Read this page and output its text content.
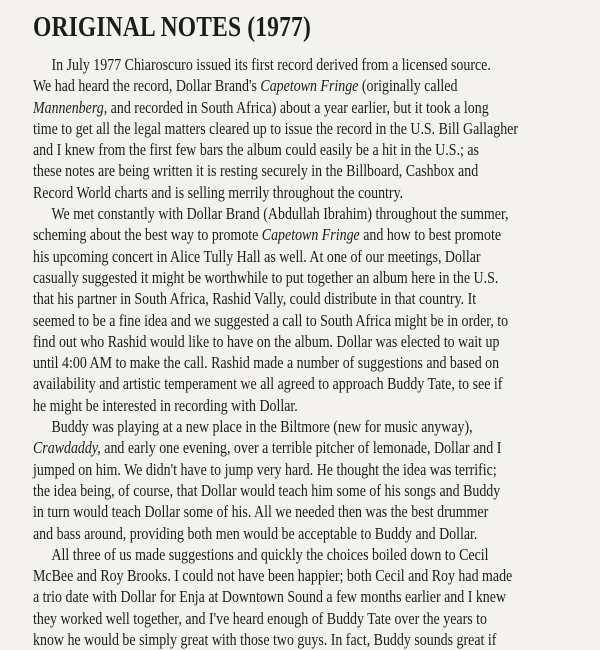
ORIGINAL NOTES (1977)
In July 1977 Chiaroscuro issued its first record derived from a licensed source.
We had heard the record, Dollar Brand's Capetown Fringe (originally called
Mannenberg, and recorded in South Africa) about a year earlier, but it took a long
time to get all the legal matters cleared up to issue the record in the U.S. Bill Gallagher
and I knew from the first few bars the album could easily be a hit in the U.S.; as
these notes are being written it is resting securely in the Billboard, Cashbox and
Record World charts and is selling merrily throughout the country.
We met constantly with Dollar Brand (Abdullah Ibrahim) throughout the summer,
scheming about the best way to promote Capetown Fringe and how to best promote
his upcoming concert in Alice Tully Hall as well. At one of our meetings, Dollar
casually suggested it might be worthwhile to put together an album here in the U.S.
that his partner in South Africa, Rashid Vally, could distribute in that country. It
seemed to be a fine idea and we suggested a call to South Africa might be in order, to
find out who Rashid would like to have on the album. Dollar was elected to wait up
until 4:00 AM to make the call. Rashid made a number of suggestions and based on
availability and artistic temperament we all agreed to approach Buddy Tate, to see if
he might be interested in recording with Dollar.
Buddy was playing at a new place in the Biltmore (new for music anyway),
Crawdaddy, and early one evening, over a terrible pitcher of lemonade, Dollar and I
jumped on him. We didn't have to jump very hard. He thought the idea was terrific;
the idea being, of course, that Dollar would teach him some of his songs and Buddy
in turn would teach Dollar some of his. All we needed then was the best drummer
and bass around, providing both men would be acceptable to Buddy and Dollar.
All three of us made suggestions and quickly the choices boiled down to Cecil
McBee and Roy Brooks. I could not have been happier; both Cecil and Roy had made
a trio date with Dollar for Enja at Downtown Sound a few months earlier and I knew
they worked well together, and I've heard enough of Buddy Tate over the years to
know he would be simply great with those two guys. In fact, Buddy sounds great if
